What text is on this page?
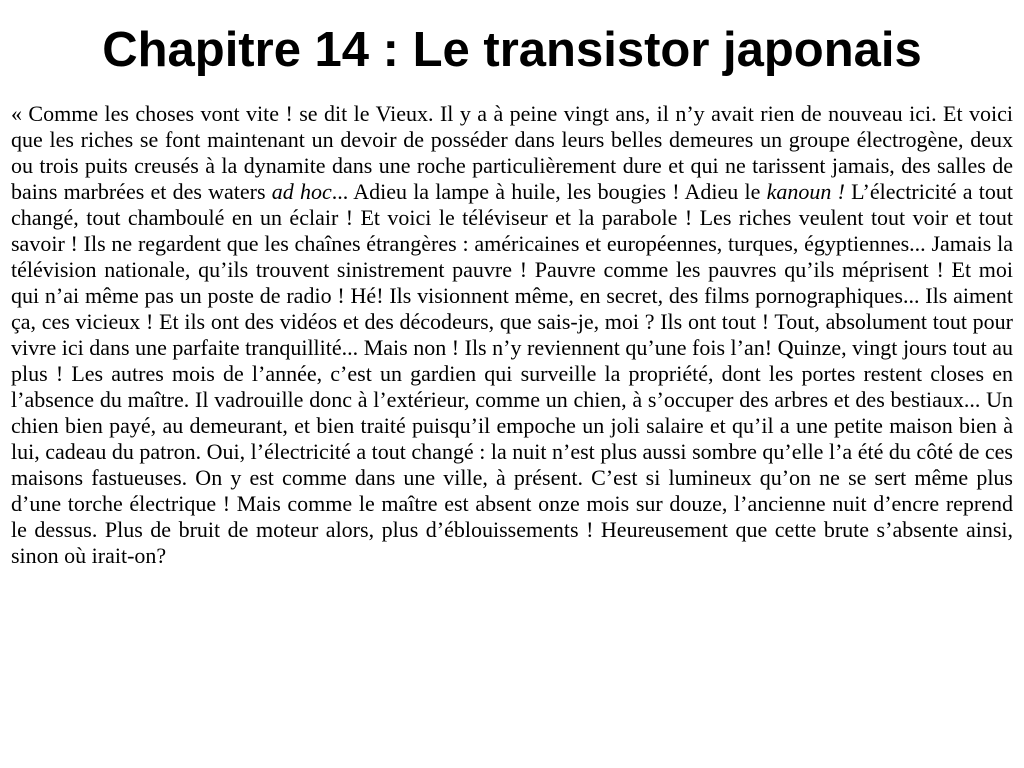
Chapitre 14 : Le transistor japonais

« Comme les choses vont vite ! se dit le Vieux. Il y a à peine vingt ans, il n’y avait rien de nouveau ici. Et voici que les riches se font maintenant un devoir de posséder dans leurs belles demeures un groupe électrogène, deux ou trois puits creusés à la dynamite dans une roche particulièrement dure et qui ne tarissent jamais, des salles de bains marbrées et des waters ad hoc... Adieu la lampe à huile, les bougies ! Adieu le kanoun ! L’électricité a tout changé, tout chamboulé en un éclair ! Et voici le téléviseur et la parabole ! Les riches veulent tout voir et tout savoir ! Ils ne regardent que les chaînes étrangères : américaines et européennes, turques, égyptiennes... Jamais la télévision nationale, qu’ils trouvent sinistrement pauvre ! Pauvre comme les pauvres qu’ils méprisent ! Et moi qui n’ai même pas un poste de radio ! Hé! Ils visionnent même, en secret, des films pornographiques... Ils aiment ça, ces vicieux ! Et ils ont des vidéos et des décodeurs, que sais-je, moi ? Ils ont tout ! Tout, absolument tout pour vivre ici dans une parfaite tranquillité... Mais non ! Ils n’y reviennent qu’une fois l’an! Quinze, vingt jours tout au plus ! Les autres mois de l’année, c’est un gardien qui surveille la propriété, dont les portes restent closes en l’absence du maître. Il vadrouille donc à l’extérieur, comme un chien, à s’occuper des arbres et des bestiaux... Un chien bien payé, au demeurant, et bien traité puisqu’il empoche un joli salaire et qu’il a une petite maison bien à lui, cadeau du patron. Oui, l’électricité a tout changé : la nuit n’est plus aussi sombre qu’elle l’a été du côté de ces maisons fastueuses. On y est comme dans une ville, à présent. C’est si lumineux qu’on ne se sert même plus d’une torche électrique ! Mais comme le maître est absent onze mois sur douze, l’ancienne nuit d’encre reprend le dessus. Plus de bruit de moteur alors, plus d’éblouissements ! Heureusement que cette brute s’absente ainsi, sinon où irait-on?
